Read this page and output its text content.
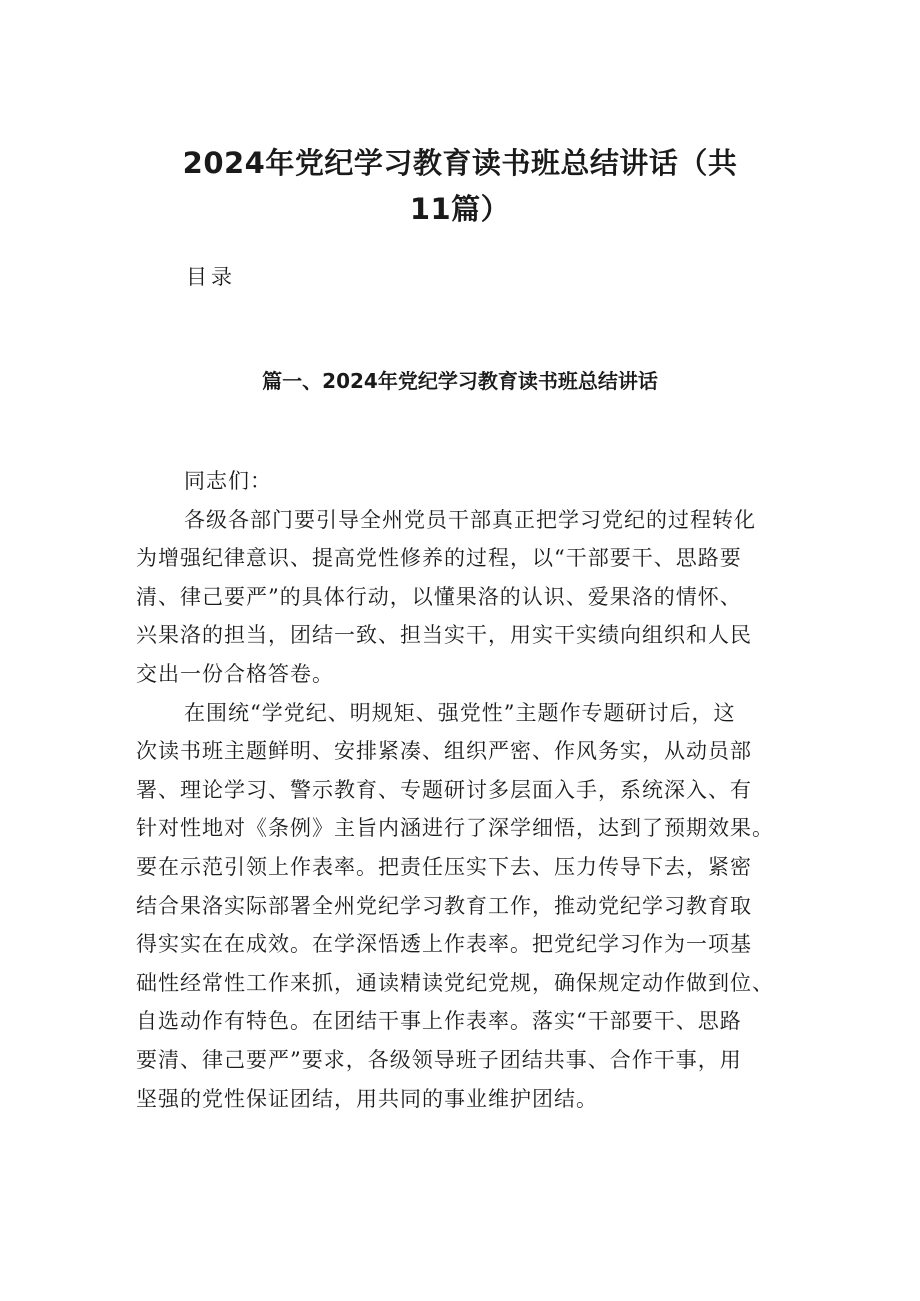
2024年党纪学习教育读书班总结讲话（共
11篇）
目录
篇一、2024年党纪学习教育读书班总结讲话

同志们：

各级各部门要引导全州党员干部真正把学习党纪的过程转化
为增强纪律意识、提高党性修养的过程，以“干部要干、思路要
清、律己要严”的具体行动，以懂果洛的认识、爱果洛的情怀、
兴果洛的担当，团结一致、担当实干，用实干实绩向组织和人民
交出一份合格答卷。

在围统“学党纪、明规矩、强党性”主题作专题研讨后，这
次读书班主题鲜明、安排紧凑、组织严密、作风务实，从动员部
署、理论学习、警示教育、专题研讨多层面入手，系统深入、有
针对性地对《条例》主旨内涵进行了深学细悟，达到了预期效果。
要在示范引领上作表率。把责任压实下去、压力传导下去，紧密
结合果洛实际部署全州党纪学习教育工作，推动党纪学习教育取
得实实在在成效。在学深悟透上作表率。把党纪学习作为一项基
础性经常性工作来抓，通读精读党纪党规，确保规定动作做到位、
自选动作有特色。在团结干事上作表率。落实“干部要干、思路
要清、律己要严”要求，各级领导班子团结共事、合作干事，用
坚强的党性保证团结，用共同的事业维护团结。
